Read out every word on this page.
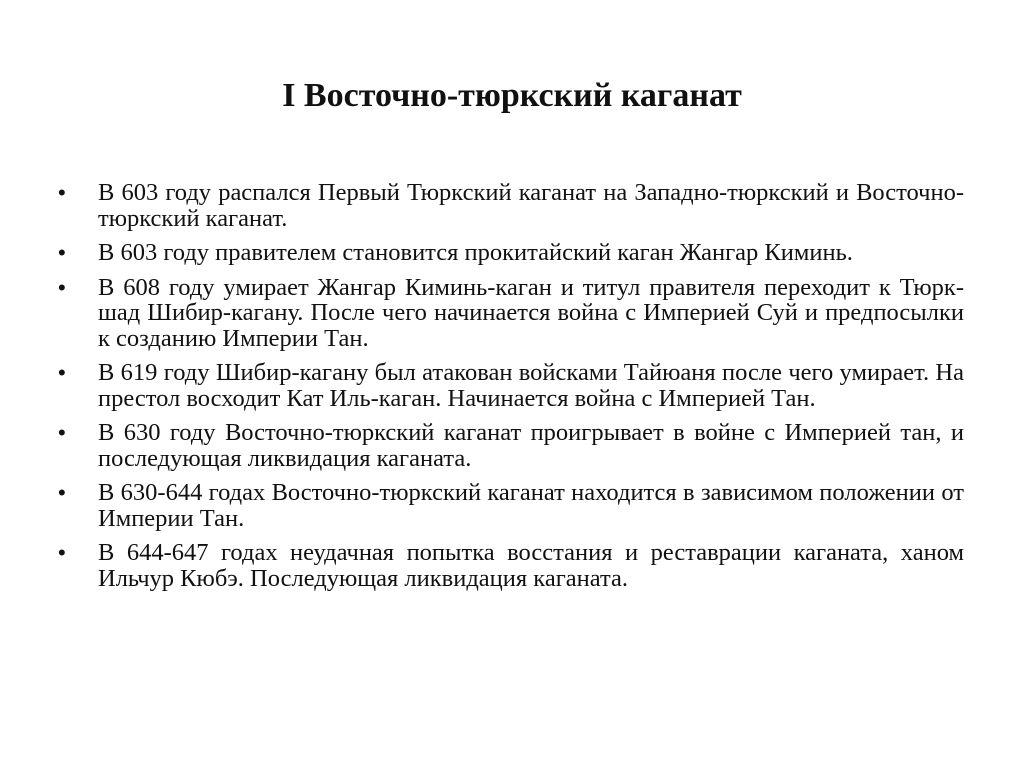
I Восточно-тюркский каганат
•	В 603 году распался Первый Тюркский каганат на Западно-тюркский и Восточно-тюркский каганат.
•	В 603 году правителем становится прокитайский каган Жангар Киминь.
•	В 608 году умирает Жангар Киминь-каган и титул правителя переходит к Тюрк-шад Шибир-кагану. После чего начинается война с Империей Суй и предпосылки к созданию Империи Тан.
•	В 619 году Шибир-кагану был атакован войсками Тайюаня после чего умирает. На престол восходит Кат Иль-каган. Начинается война с Империей Тан.
•	В 630 году Восточно-тюркский каганат проигрывает в войне с Империей тан, и последующая ликвидация каганата.
•	В 630-644 годах Восточно-тюркский каганат находится в зависимом положении от Империи Тан.
•	В 644-647 годах неудачная попытка восстания и реставрации каганата, ханом Ильчур Кюбэ. Последующая ликвидация каганата.
